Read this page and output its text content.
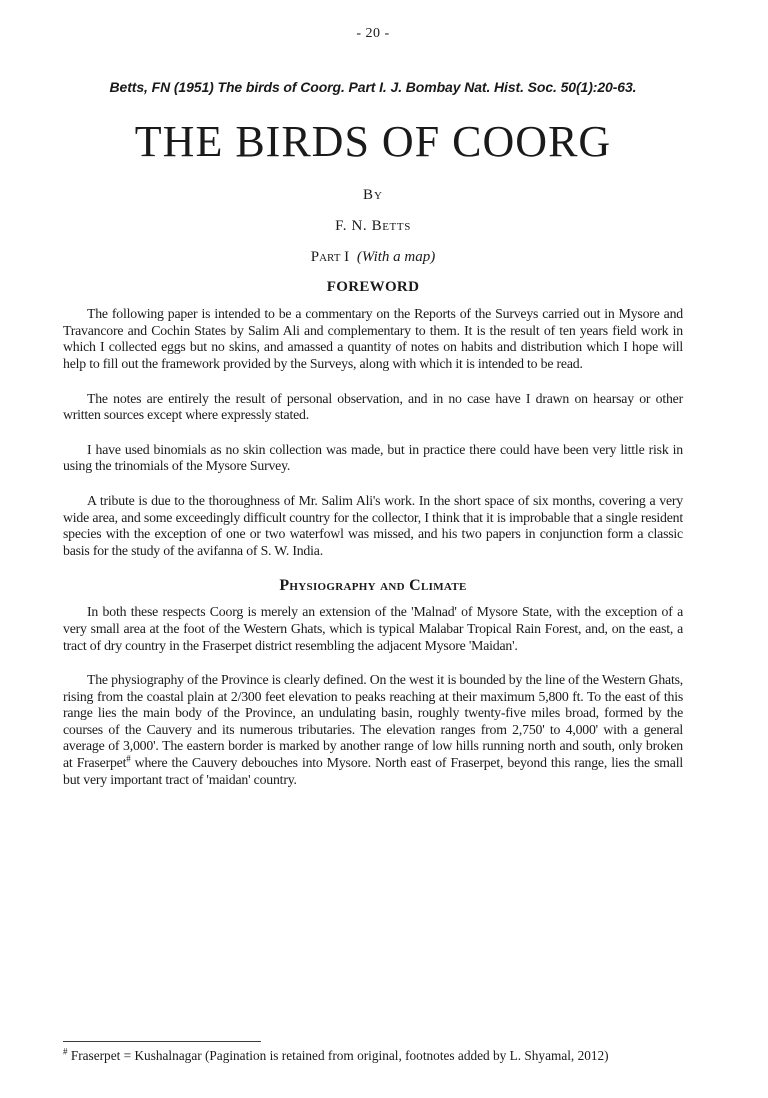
- 20 -
Betts, FN (1951) The birds of Coorg. Part I. J. Bombay Nat. Hist. Soc. 50(1):20-63.
THE BIRDS OF COORG
By
F. N. Betts
Part I (With a map)
FOREWORD

The following paper is intended to be a commentary on the Reports of the Surveys carried out in Mysore and Travancore and Cochin States by Salim Ali and complementary to them. It is the result of ten years field work in which I collected eggs but no skins, and amassed a quantity of notes on habits and distribution which I hope will help to fill out the framework provided by the Surveys, along with which it is intended to be read.

The notes are entirely the result of personal observation, and in no case have I drawn on hearsay or other written sources except where expressly stated.

I have used binomials as no skin collection was made, but in practice there could have been very little risk in using the trinomials of the Mysore Survey.

A tribute is due to the thoroughness of Mr. Salim Ali's work. In the short space of six months, covering a very wide area, and some exceedingly difficult country for the collector, I think that it is improbable that a single resident species with the exception of one or two waterfowl was missed, and his two papers in conjunction form a classic basis for the study of the avifanna of S. W. India.

Physiography and Climate

In both these respects Coorg is merely an extension of the 'Malnad' of Mysore State, with the exception of a very small area at the foot of the Western Ghats, which is typical Malabar Tropical Rain Forest, and, on the east, a tract of dry country in the Fraserpet district resembling the adjacent Mysore 'Maidan'.

The physiography of the Province is clearly defined. On the west it is bounded by the line of the Western Ghats, rising from the coastal plain at 2/300 feet elevation to peaks reaching at their maximum 5,800 ft. To the east of this range lies the main body of the Province, an undulating basin, roughly twenty-five miles broad, formed by the courses of the Cauvery and its numerous tributaries. The elevation ranges from 2,750' to 4,000' with a general average of 3,000'. The eastern border is marked by another range of low hills running north and south, only broken at Fraserpet# where the Cauvery debouches into Mysore. North east of Fraserpet, beyond this range, lies the small but very important tract of 'maidan' country.

# Fraserpet = Kushalnagar (Pagination is retained from original, footnotes added by L. Shyamal, 2012)
